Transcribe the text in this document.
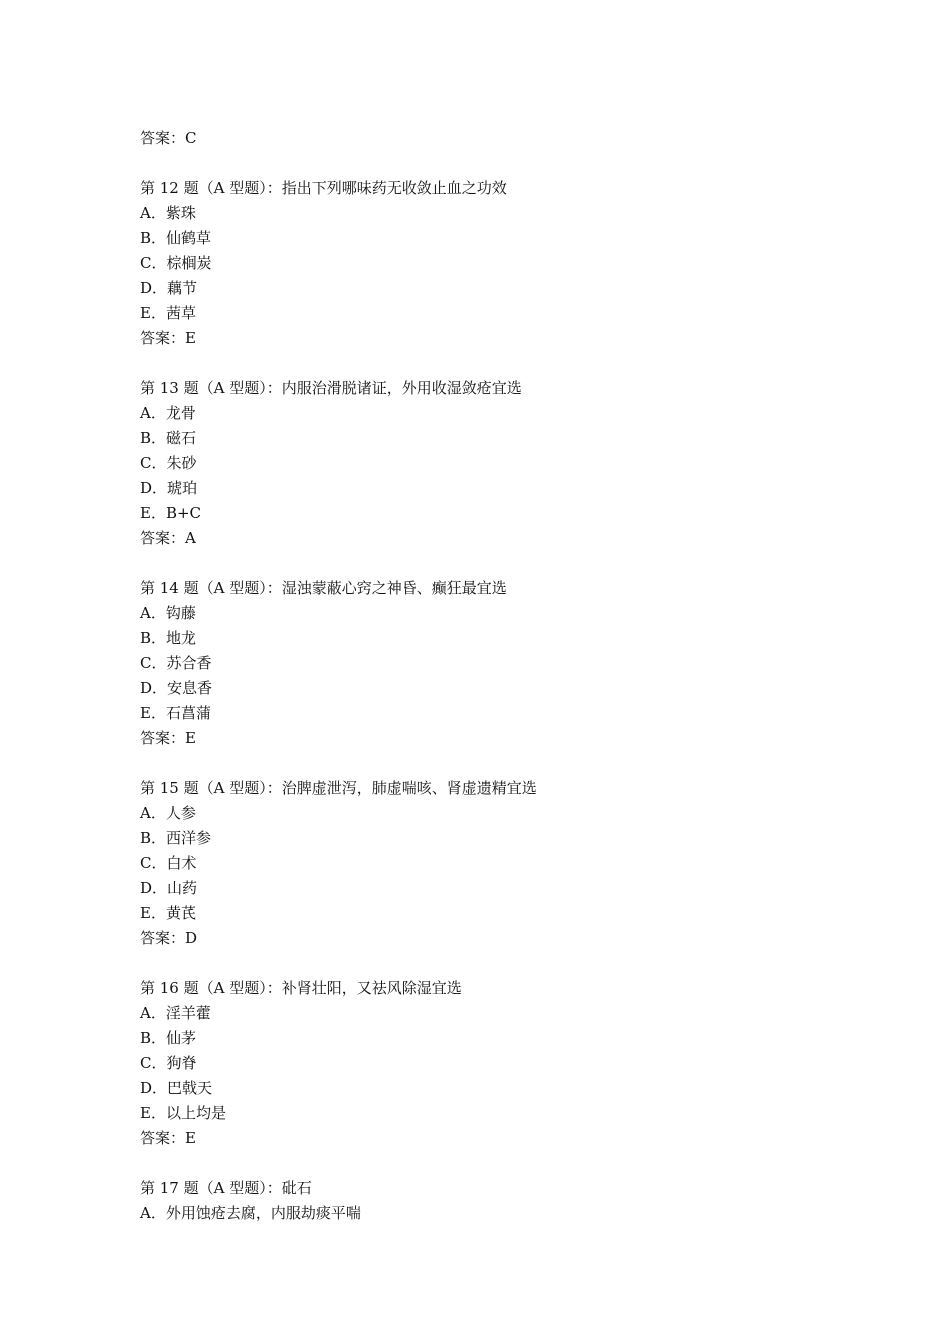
答案：C
第 12 题（A 型题）：指出下列哪味药无收敛止血之功效
A．紫珠
B．仙鹤草
C．棕榈炭
D．藕节
E．茜草
答案：E
第 13 题（A 型题）：内服治滑脱诸证，外用收湿敛疮宜选
A．龙骨
B．磁石
C．朱砂
D．琥珀
E．B+C
答案：A
第 14 题（A 型题）：湿浊蒙蔽心窍之神昏、癫狂最宜选
A．钩藤
B．地龙
C．苏合香
D．安息香
E．石菖蒲
答案：E
第 15 题（A 型题）：治脾虚泄泻，肺虚喘咳、肾虚遗精宜选
A．人参
B．西洋参
C．白术
D．山药
E．黄芪
答案：D
第 16 题（A 型题）：补肾壮阳，又祛风除湿宜选
A．淫羊藿
B．仙茅
C．狗脊
D．巴戟天
E．以上均是
答案：E
第 17 题（A 型题）：砒石
A．外用蚀疮去腐，内服劫痰平喘
